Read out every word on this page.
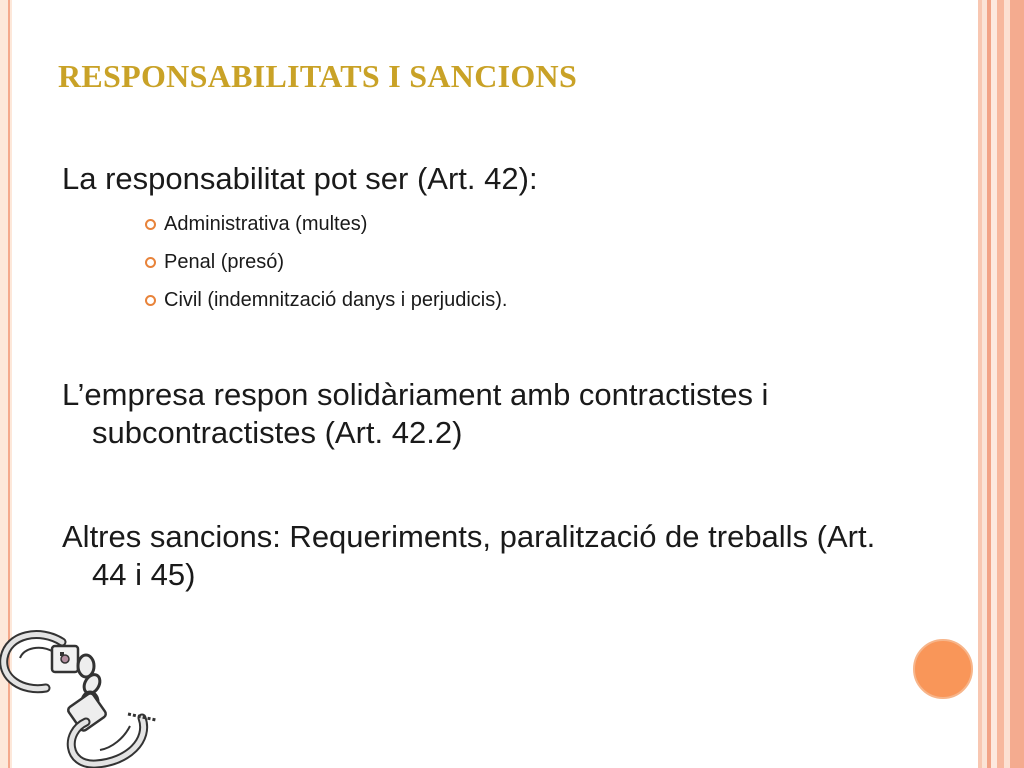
RESPONSABILITATS I SANCIONS
La responsabilitat pot ser (Art. 42):
Administrativa (multes)
Penal (presó)
Civil (indemnització danys i perjudicis).
L’empresa respon solidàriament amb contractistes i
subcontractistes (Art. 42.2)
Altres sancions: Requeriments, paralització de treballs (Art.
44 i 45)
